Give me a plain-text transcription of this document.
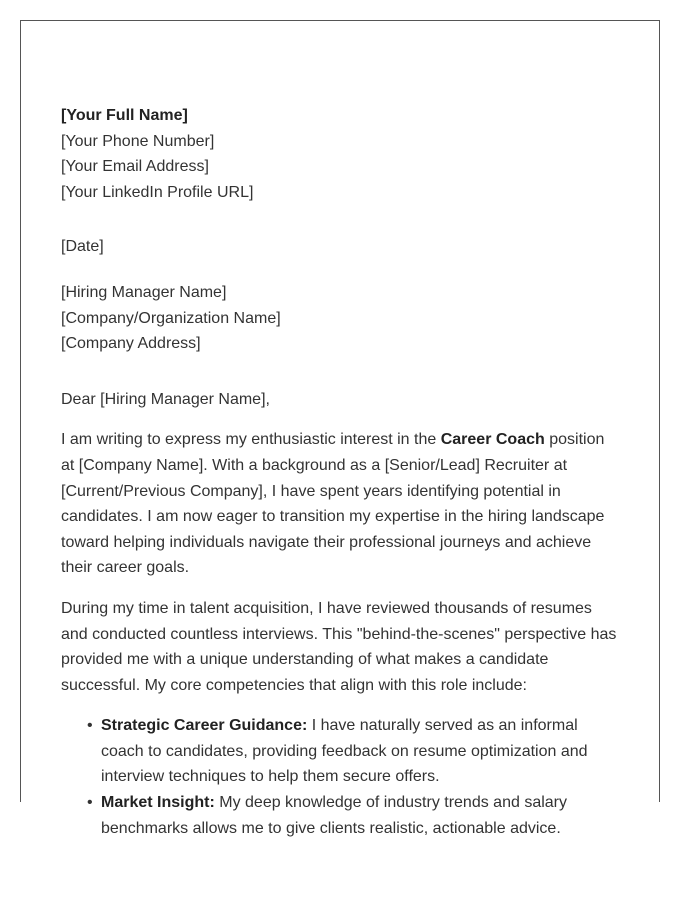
[Your Full Name]

[Your Phone Number]

[Your Email Address]

[Your LinkedIn Profile URL]

[Date]

[Hiring Manager Name]

[Company/Organization Name]

[Company Address]

Dear [Hiring Manager Name],

I am writing to express my enthusiastic interest in the Career Coach position at [Company Name]. With a background as a [Senior/Lead] Recruiter at [Current/Previous Company], I have spent years identifying potential in candidates. I am now eager to transition my expertise in the hiring landscape toward helping individuals navigate their professional journeys and achieve their career goals.

During my time in talent acquisition, I have reviewed thousands of resumes and conducted countless interviews. This "behind-the-scenes" perspective has provided me with a unique understanding of what makes a candidate successful. My core competencies that align with this role include:

• Strategic Career Guidance: I have naturally served as an informal coach to candidates, providing feedback on resume optimization and interview techniques to help them secure offers.
• Market Insight: My deep knowledge of industry trends and salary benchmarks allows me to give clients realistic, actionable advice.
